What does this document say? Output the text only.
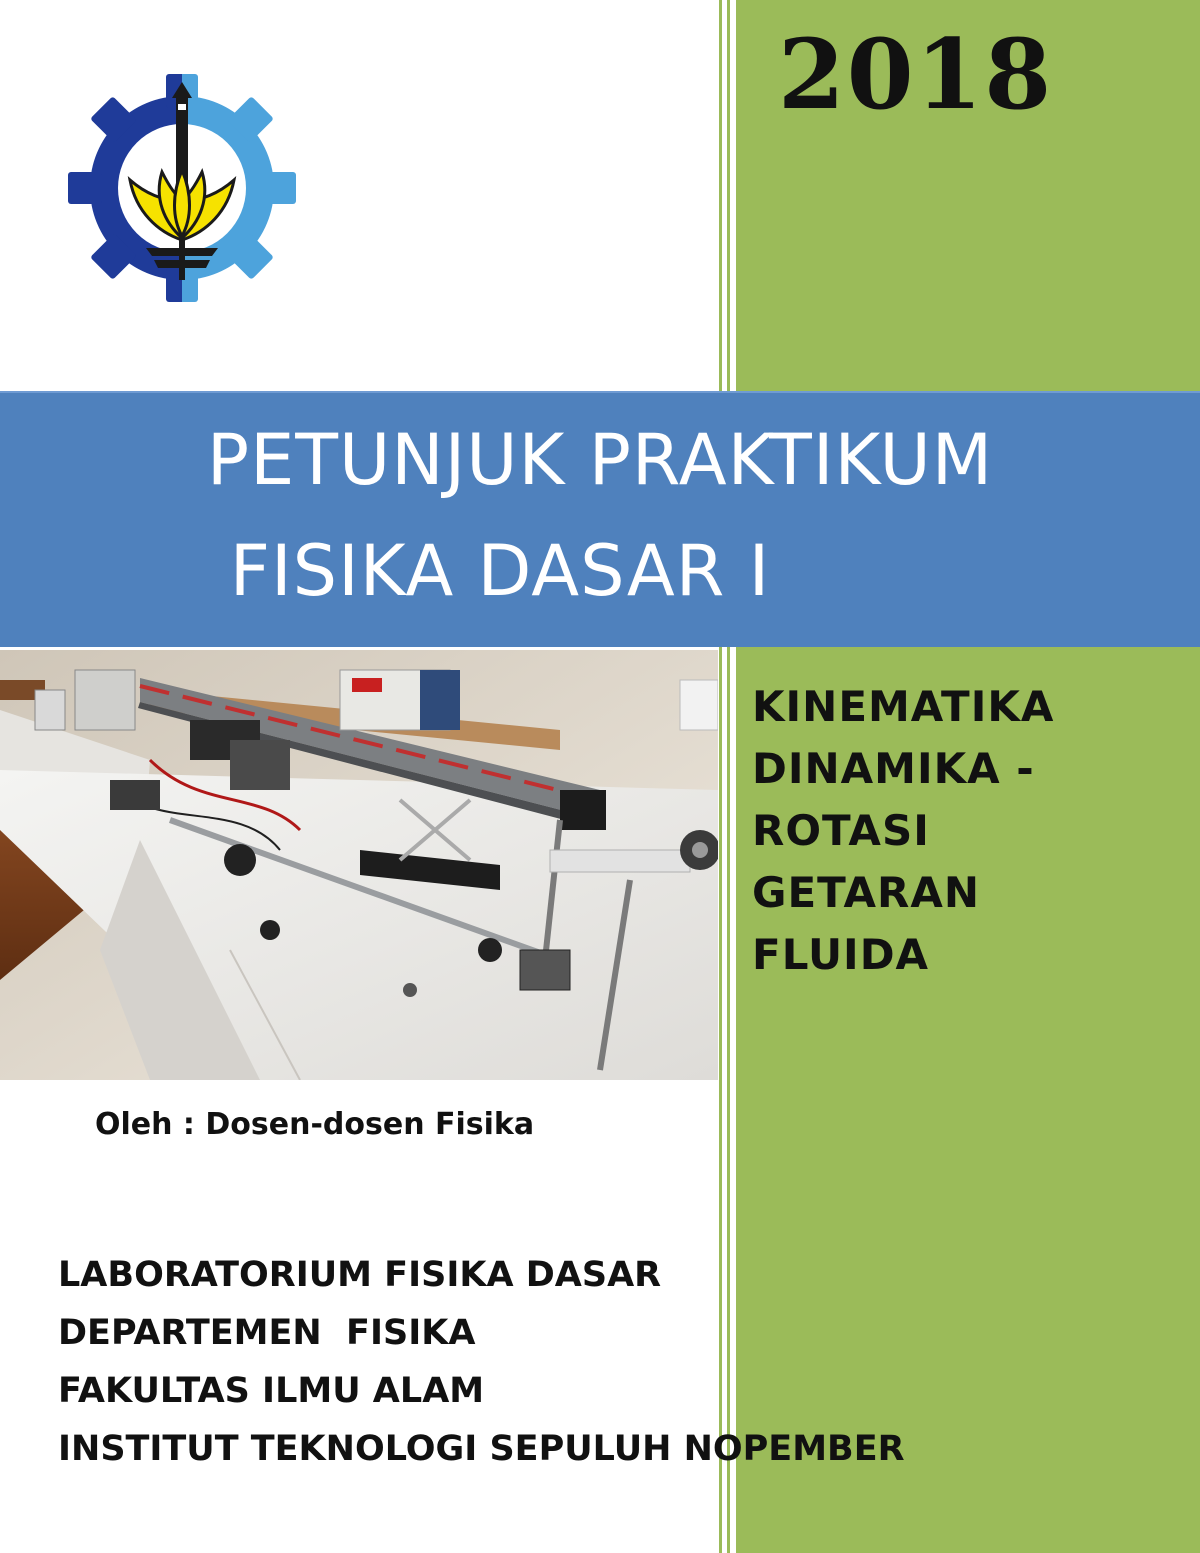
2018
PETUNJUK PRAKTIKUM
FISIKA DASAR I
KINEMATIKA
DINAMIKA -
ROTASI
GETARAN
FLUIDA
Oleh : Dosen-dosen Fisika
LABORATORIUM FISIKA DASAR
DEPARTEMEN  FISIKA
FAKULTAS ILMU ALAM
INSTITUT TEKNOLOGI SEPULUH NOPEMBER
